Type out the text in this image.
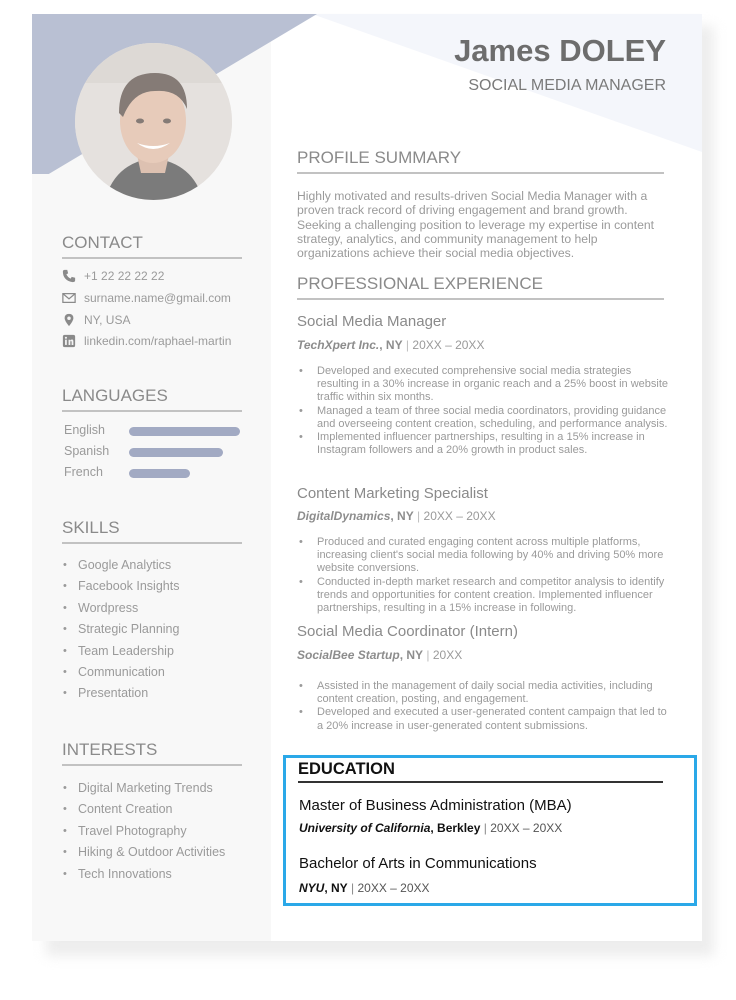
James DOLEY
SOCIAL MEDIA MANAGER
CONTACT
+1 22 22 22 22
surname.name@gmail.com
NY, USA
linkedin.com/raphael-martin
LANGUAGES
English
Spanish
French
SKILLS
• Google Analytics
• Facebook Insights
• Wordpress
• Strategic Planning
• Team Leadership
• Communication
• Presentation
INTERESTS
• Digital Marketing Trends
• Content Creation
• Travel Photography
• Hiking & Outdoor Activities
• Tech Innovations
PROFILE SUMMARY

Highly motivated and results-driven Social Media Manager with a proven track record of driving engagement and brand growth. Seeking a challenging position to leverage my expertise in content strategy, analytics, and community management to help organizations achieve their social media objectives.

PROFESSIONAL EXPERIENCE
Social Media Manager
TechXpert Inc., NY | 20XX – 20XX
• Developed and executed comprehensive social media strategies resulting in a 30% increase in organic reach and a 25% boost in website traffic within six months.
• Managed a team of three social media coordinators, providing guidance and overseeing content creation, scheduling, and performance analysis.
• Implemented influencer partnerships, resulting in a 15% increase in Instagram followers and a 20% growth in product sales.
Content Marketing Specialist
DigitalDynamics, NY | 20XX – 20XX
• Produced and curated engaging content across multiple platforms, increasing client's social media following by 40% and driving 50% more website conversions.
• Conducted in-depth market research and competitor analysis to identify trends and opportunities for content creation. Implemented influencer partnerships, resulting in a 15% increase in following.
Social Media Coordinator (Intern)
SocialBee Startup, NY | 20XX
• Assisted in the management of daily social media activities, including content creation, posting, and engagement.
• Developed and executed a user-generated content campaign that led to a 20% increase in user-generated content submissions.
EDUCATION
Master of Business Administration (MBA)
University of California, Berkley | 20XX – 20XX
Bachelor of Arts in Communications
NYU, NY | 20XX – 20XX
